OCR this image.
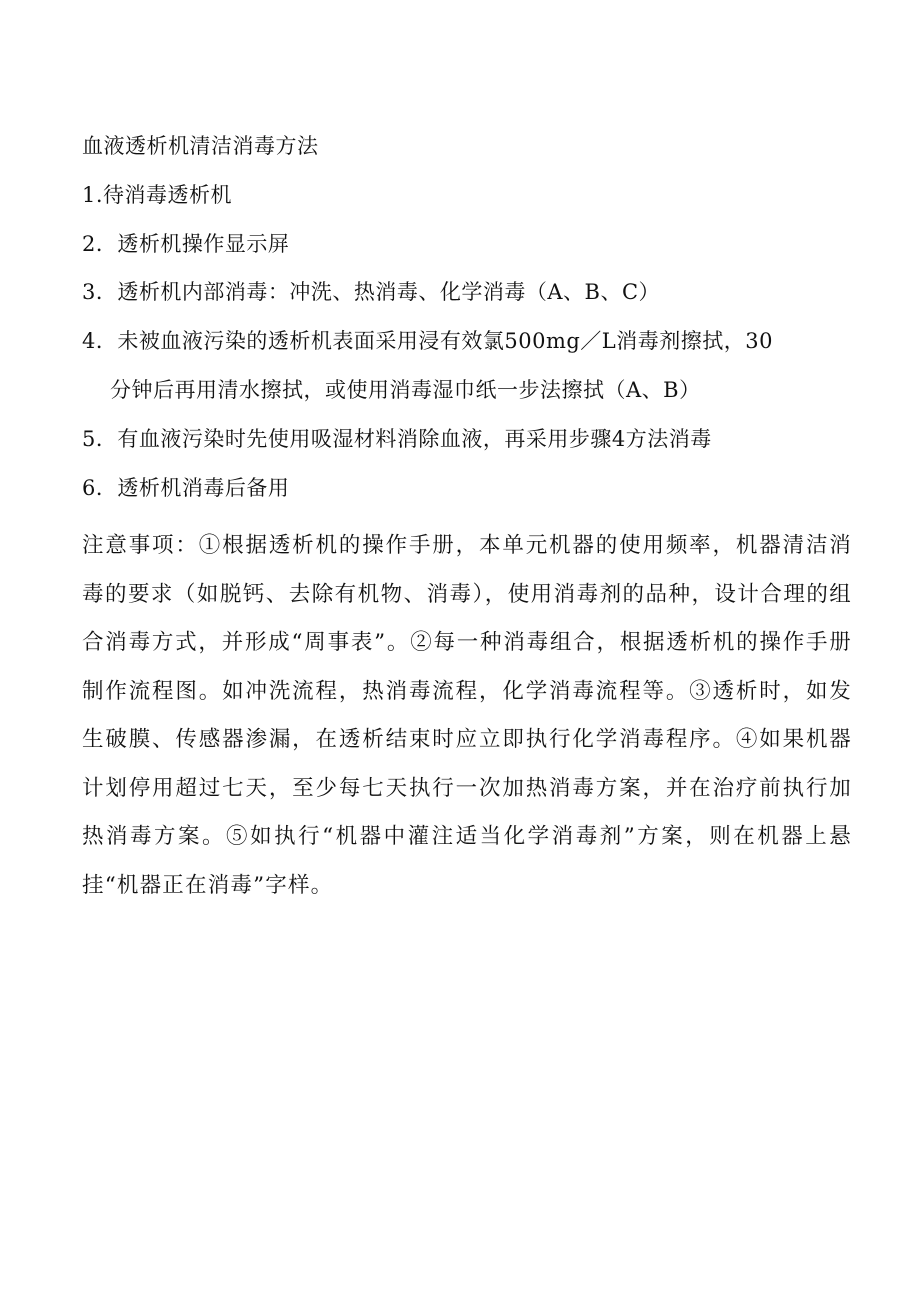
血液透析机清洁消毒方法
1.待消毒透析机
2．透析机操作显示屏
3．透析机内部消毒：冲洗、热消毒、化学消毒（A、B、C）
4．未被血液污染的透析机表面采用浸有效氯500mg／L消毒剂擦拭，30
分钟后再用清水擦拭，或使用消毒湿巾纸一步法擦拭（A、B）
5．有血液污染时先使用吸湿材料消除血液，再采用步骤4方法消毒
6．透析机消毒后备用
注意事项：①根据透析机的操作手册，本单元机器的使用频率，机器清洁消毒的要求（如脱钙、去除有机物、消毒），使用消毒剂的品种，设计合理的组合消毒方式，并形成“周事表”。②每一种消毒组合，根据透析机的操作手册制作流程图。如冲洗流程，热消毒流程，化学消毒流程等。③透析时，如发生破膜、传感器渗漏，在透析结束时应立即执行化学消毒程序。④如果机器计划停用超过七天，至少每七天执行一次加热消毒方案，并在治疗前执行加热消毒方案。⑤如执行“机器中灌注适当化学消毒剂”方案，则在机器上悬挂“机器正在消毒”字样。
